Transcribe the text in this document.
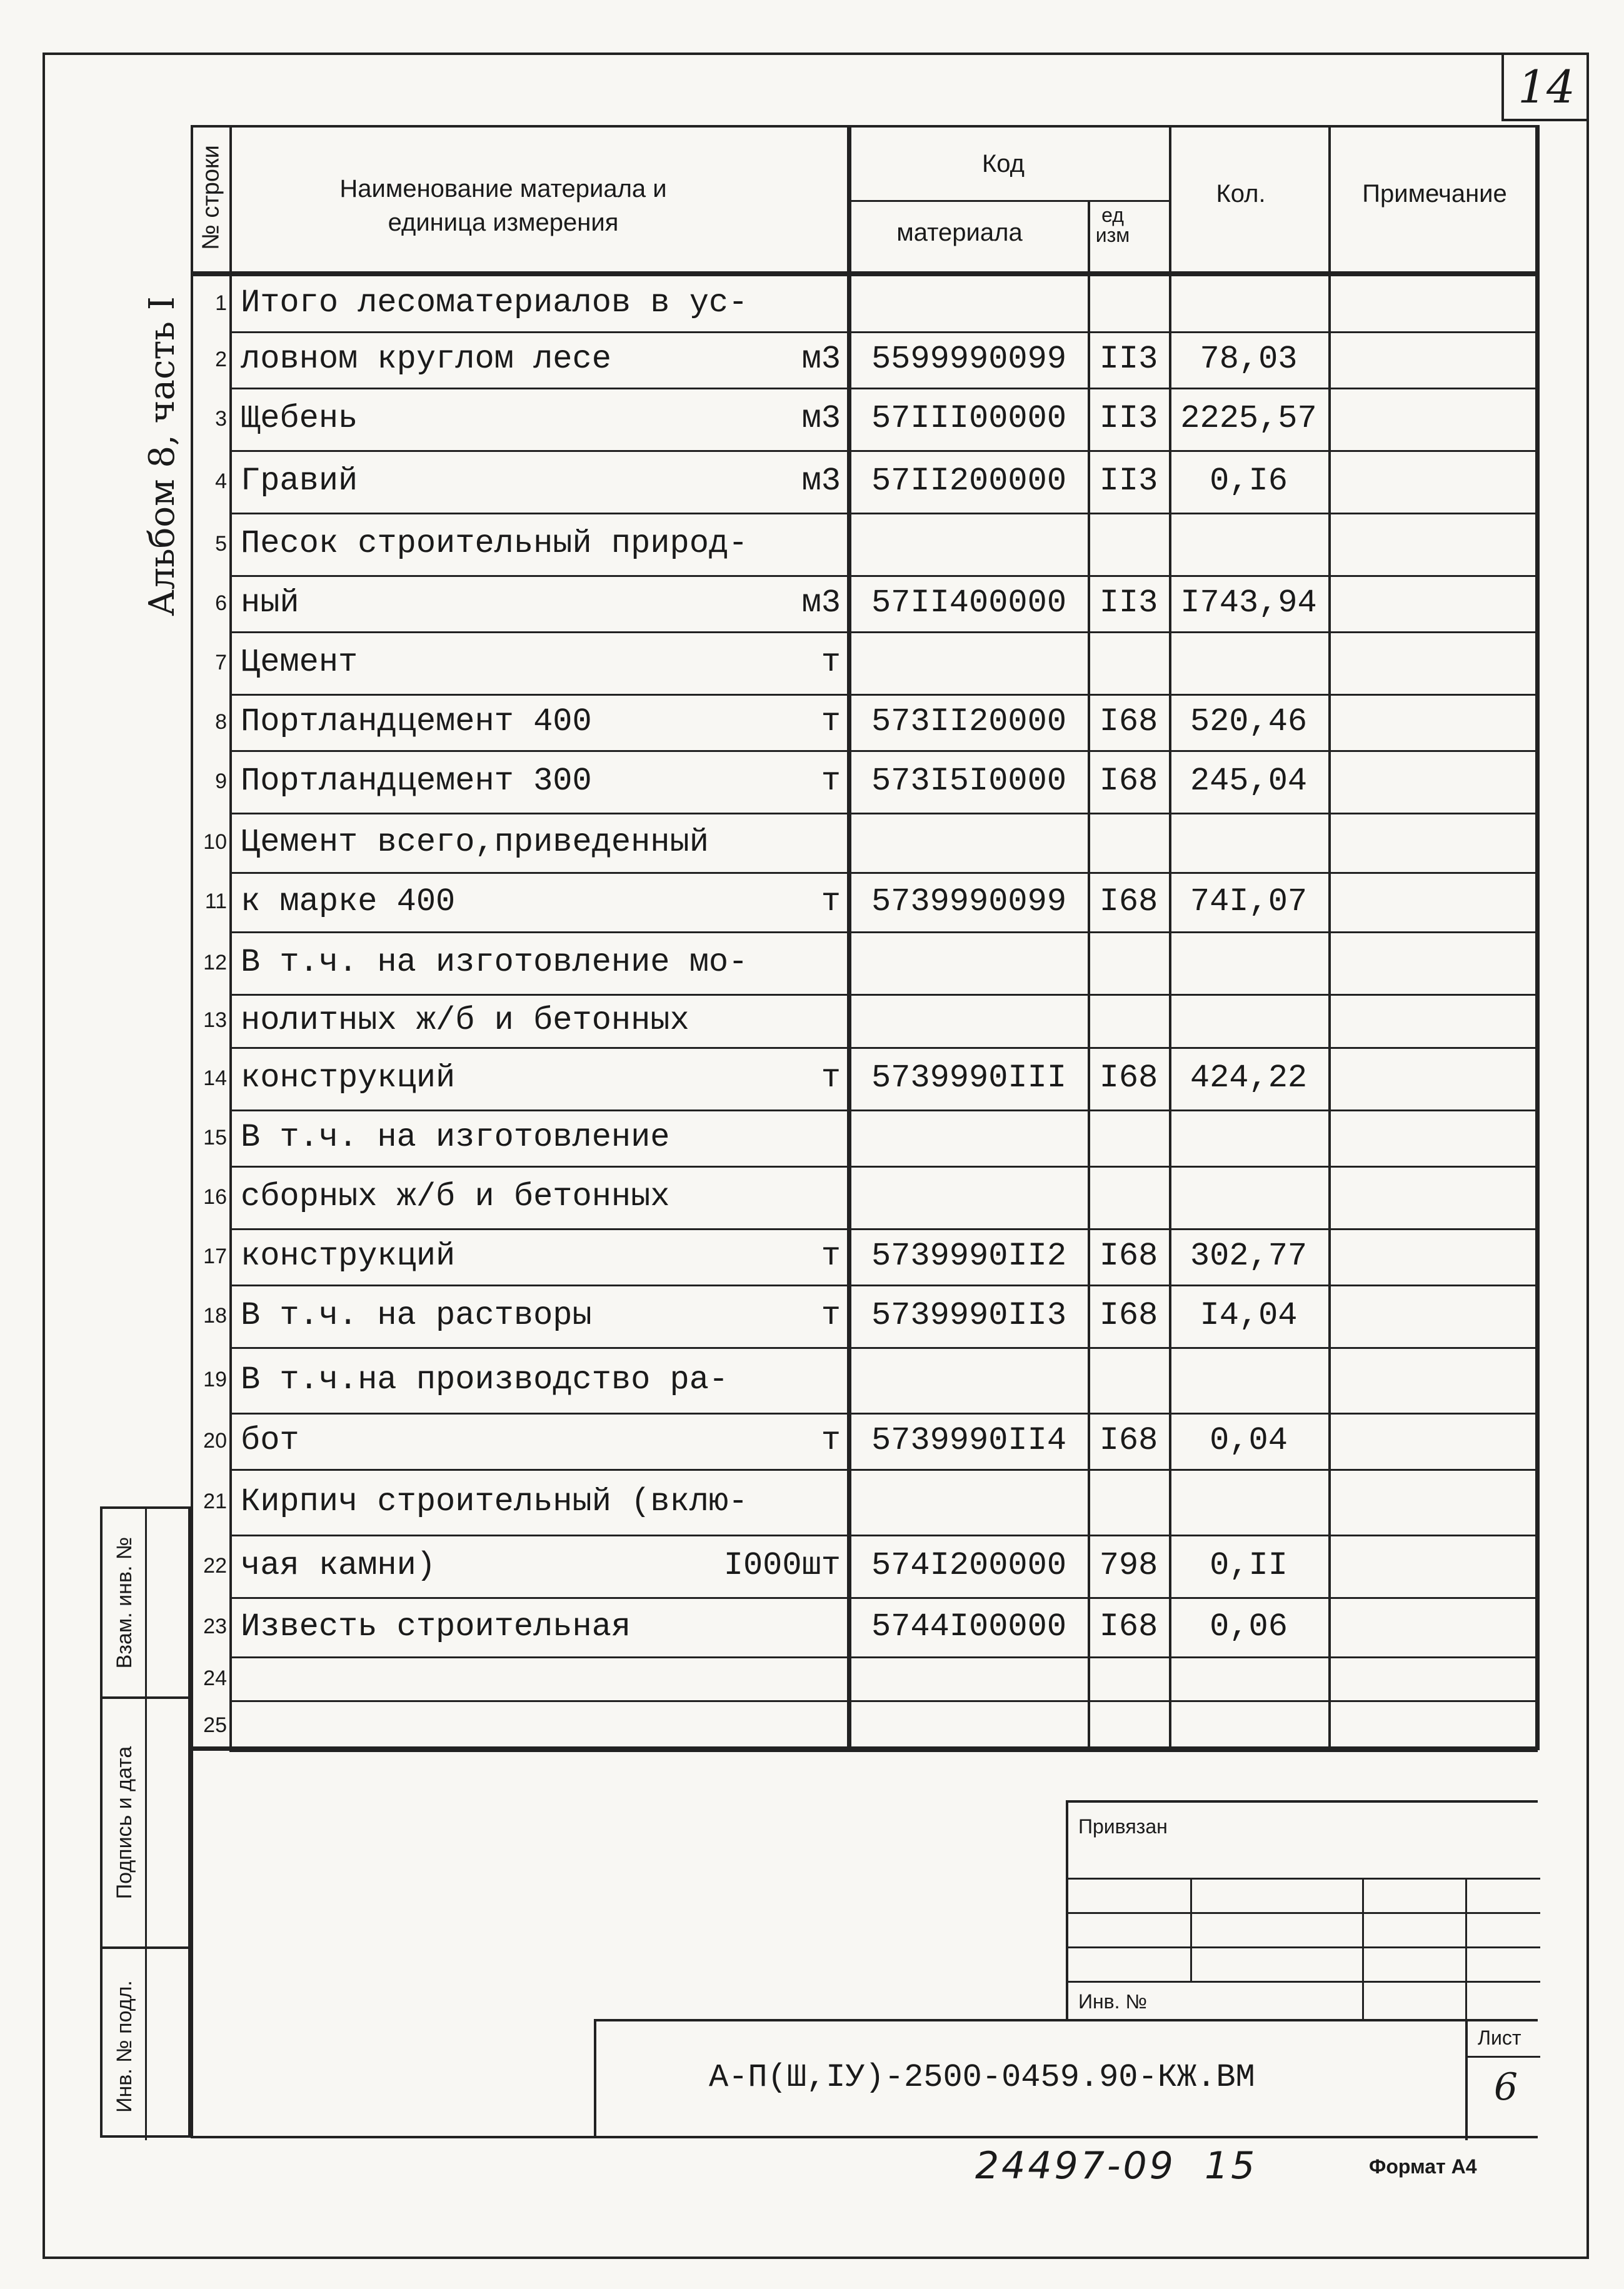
14
Альбом 8, часть I
№ строки	Наименование материала и единица измерения
Код
материала
ед изм
Кол.	Примечание
1 Итого лесоматериалов в ус-
2 ловном круглом лесе	м3 5599990099	II3	78,03
3 Щебень	м3 57III00000	II3 2225,57
4 Гравий	м3 57II200000	II3	0,I6
5 Песок строительный природ-
6 ный	м3 57II400000	II3 I743,94
7 Цемент	т
8 Портландцемент 400	т 573II20000	I68 520,46
9 Портландцемент 300	т 573I5I0000	I68 245,04
10 Цемент всего,приведенный
11 к марке 400	т 5739990099	I68 74I,07
12 В т.ч. на изготовление мо-
13 нолитных ж/б и бетонных
14 конструкций	т 5739990III	I68 424,22
15 В т.ч. на изготовление
16 сборных ж/б и бетонных
17 конструкций	т 5739990II2	I68 302,77
18 В т.ч. на растворы	т 5739990II3	I68	I4,04
19 В т.ч.на производство ра-
20 бот	т 5739990II4	I68	0,04
21 Кирпич строительный (вклю-
22 чая камни)	I000шт 574I200000	798	0,II
23 Известь строительная	5744I00000	I68	0,06
24
25
Взам. инв. №
Подпись и дата
Инв. № подл.
Привязан
Инв. №
А-П(Ш,IУ)-2500-0459.90-КЖ.ВМ
Лист
6
24497-09  15	Формат А4
